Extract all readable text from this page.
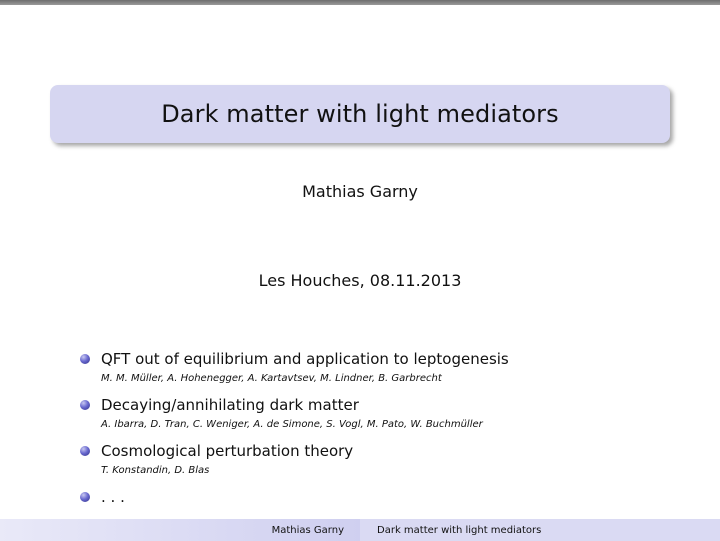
Dark matter with light mediators
Mathias Garny
Les Houches, 08.11.2013
QFT out of equilibrium and application to leptogenesis
M. M. Müller, A. Hohenegger, A. Kartavtsev, M. Lindner, B. Garbrecht
Decaying/annihilating dark matter
A. Ibarra, D. Tran, C. Weniger, A. de Simone, S. Vogl, M. Pato, W. Buchmüller
Cosmological perturbation theory
T. Konstandin, D. Blas
. . .
Mathias Garny	Dark matter with light mediators
